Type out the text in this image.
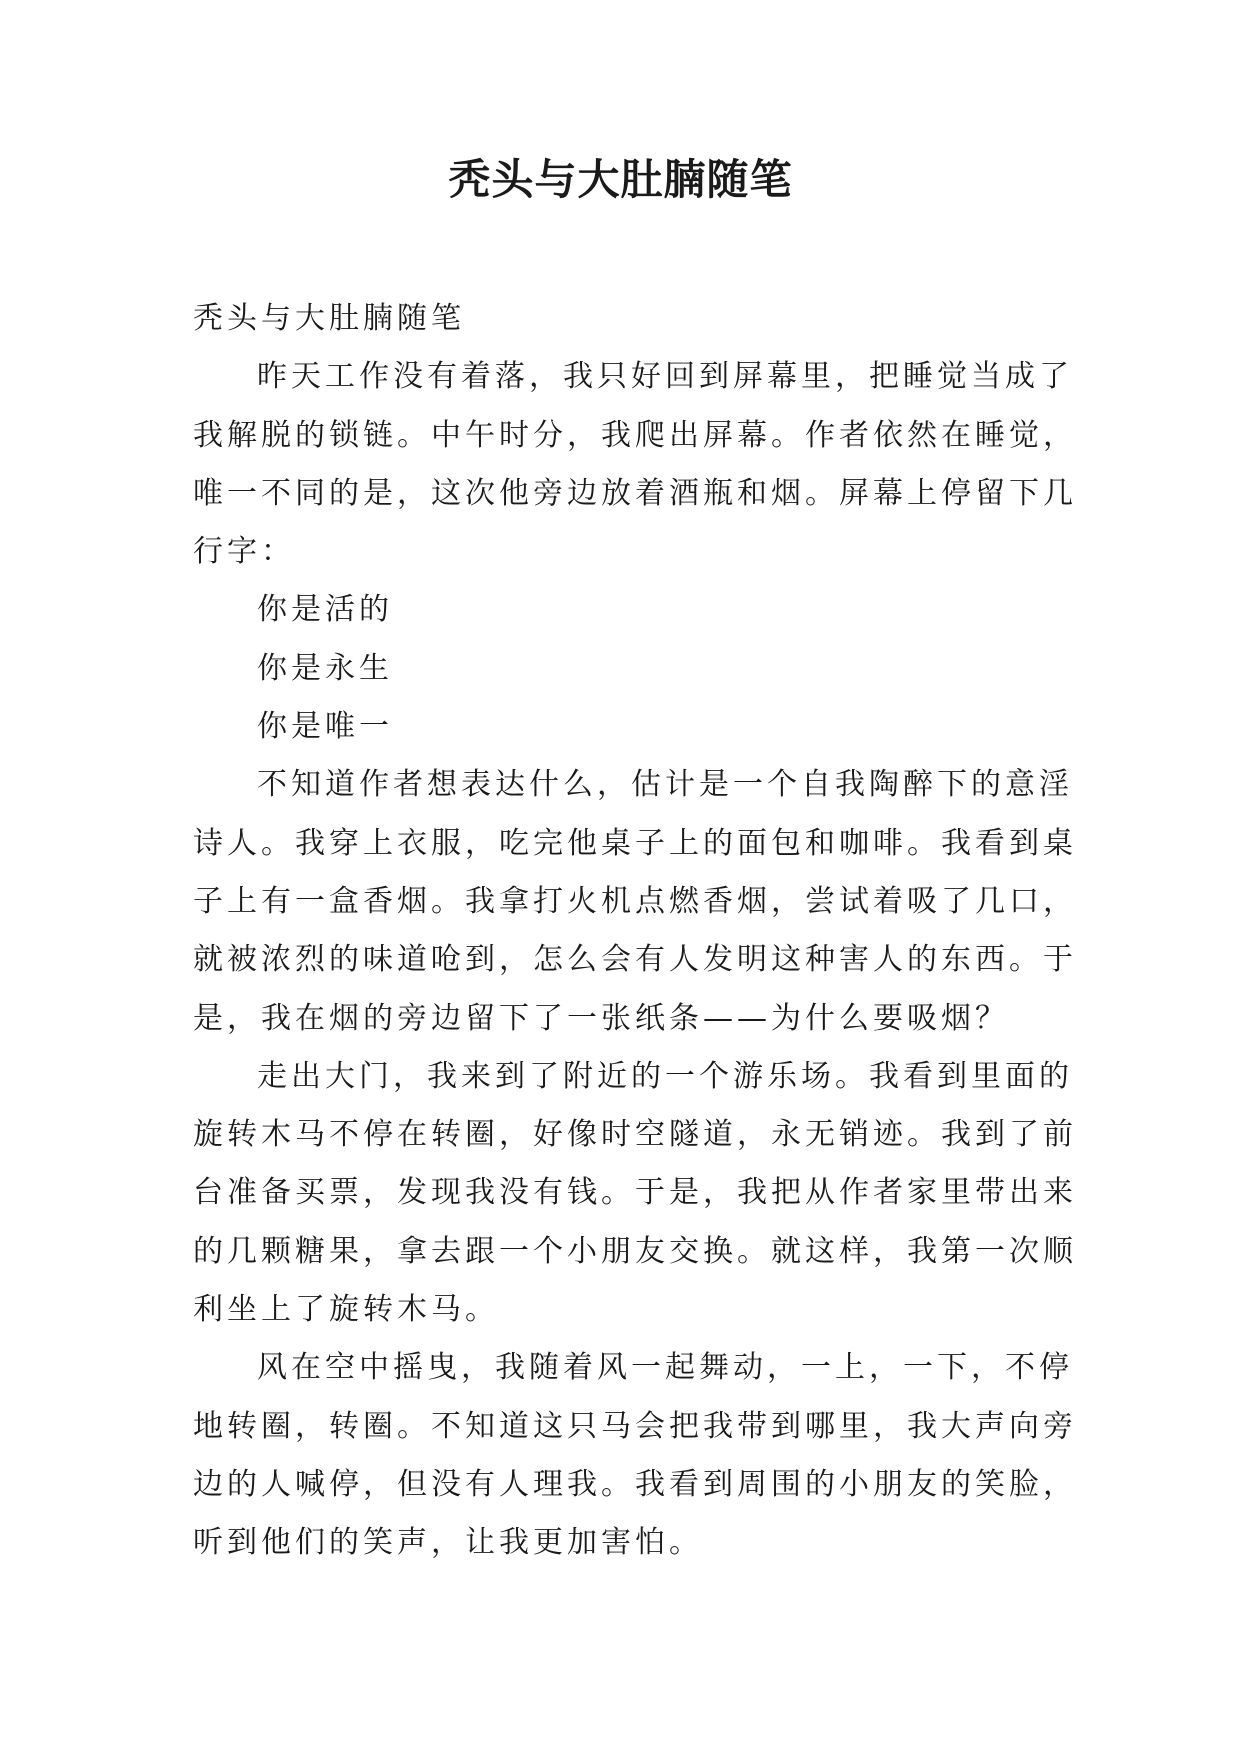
秃头与大肚腩随笔

秃头与大肚腩随笔

昨天工作没有着落，我只好回到屏幕里，把睡觉当成了
我解脱的锁链。中午时分，我爬出屏幕。作者依然在睡觉，
唯一不同的是，这次他旁边放着酒瓶和烟。屏幕上停留下几
行字：

你是活的

你是永生

你是唯一

不知道作者想表达什么，估计是一个自我陶醉下的意淫
诗人。我穿上衣服，吃完他桌子上的面包和咖啡。我看到桌
子上有一盒香烟。我拿打火机点燃香烟，尝试着吸了几口，
就被浓烈的味道呛到，怎么会有人发明这种害人的东西。于
是，我在烟的旁边留下了一张纸条——为什么要吸烟？

走出大门，我来到了附近的一个游乐场。我看到里面的
旋转木马不停在转圈，好像时空隧道，永无销迹。我到了前
台准备买票，发现我没有钱。于是，我把从作者家里带出来
的几颗糖果，拿去跟一个小朋友交换。就这样，我第一次顺
利坐上了旋转木马。

风在空中摇曳，我随着风一起舞动，一上，一下，不停
地转圈，转圈。不知道这只马会把我带到哪里，我大声向旁
边的人喊停，但没有人理我。我看到周围的小朋友的笑脸，
听到他们的笑声，让我更加害怕。
